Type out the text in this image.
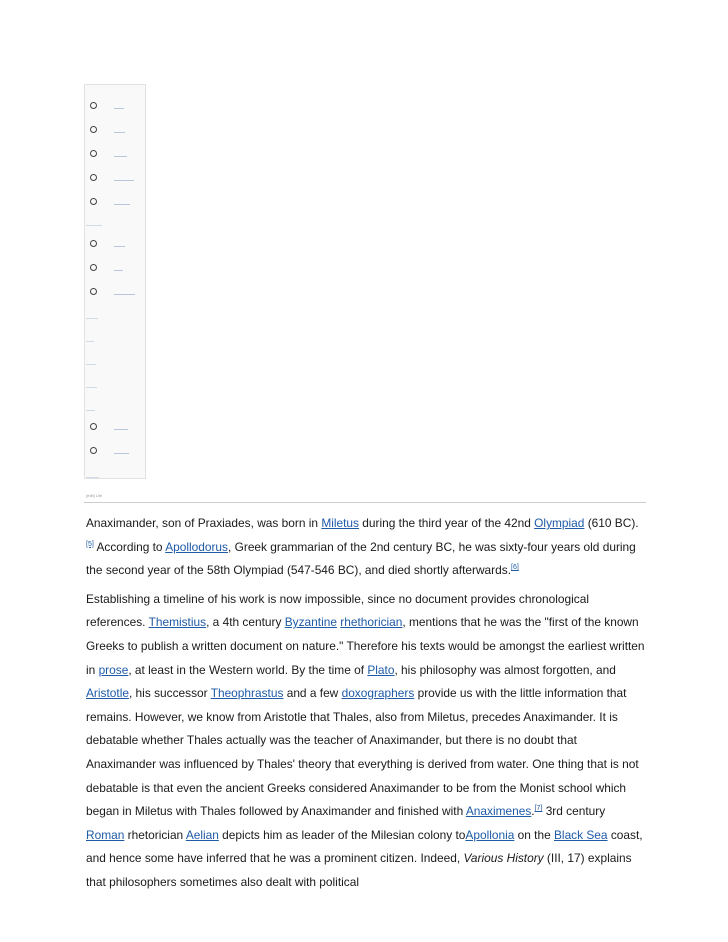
[edit] Life

Anaximander, son of Praxiades, was born in Miletus during the third year of the 42nd Olympiad (610 BC).[5] According to Apollodorus, Greek grammarian of the 2nd century BC, he was sixty-four years old during the second year of the 58th Olympiad (547-546 BC), and died shortly afterwards.[6]

Establishing a timeline of his work is now impossible, since no document provides chronological references. Themistius, a 4th century Byzantine rhethorician, mentions that he was the "first of the known Greeks to publish a written document on nature." Therefore his texts would be amongst the earliest written in prose, at least in the Western world. By the time of Plato, his philosophy was almost forgotten, and Aristotle, his successor Theophrastus and a few doxographers provide us with the little information that remains. However, we know from Aristotle that Thales, also from Miletus, precedes Anaximander. It is debatable whether Thales actually was the teacher of Anaximander, but there is no doubt that Anaximander was influenced by Thales' theory that everything is derived from water. One thing that is not debatable is that even the ancient Greeks considered Anaximander to be from the Monist school which began in Miletus with Thales followed by Anaximander and finished with Anaximenes.[7] 3rd century Roman rhetorician Aelian depicts him as leader of the Milesian colony toApollonia on the Black Sea coast, and hence some have inferred that he was a prominent citizen. Indeed, Various History (III, 17) explains that philosophers sometimes also dealt with political
